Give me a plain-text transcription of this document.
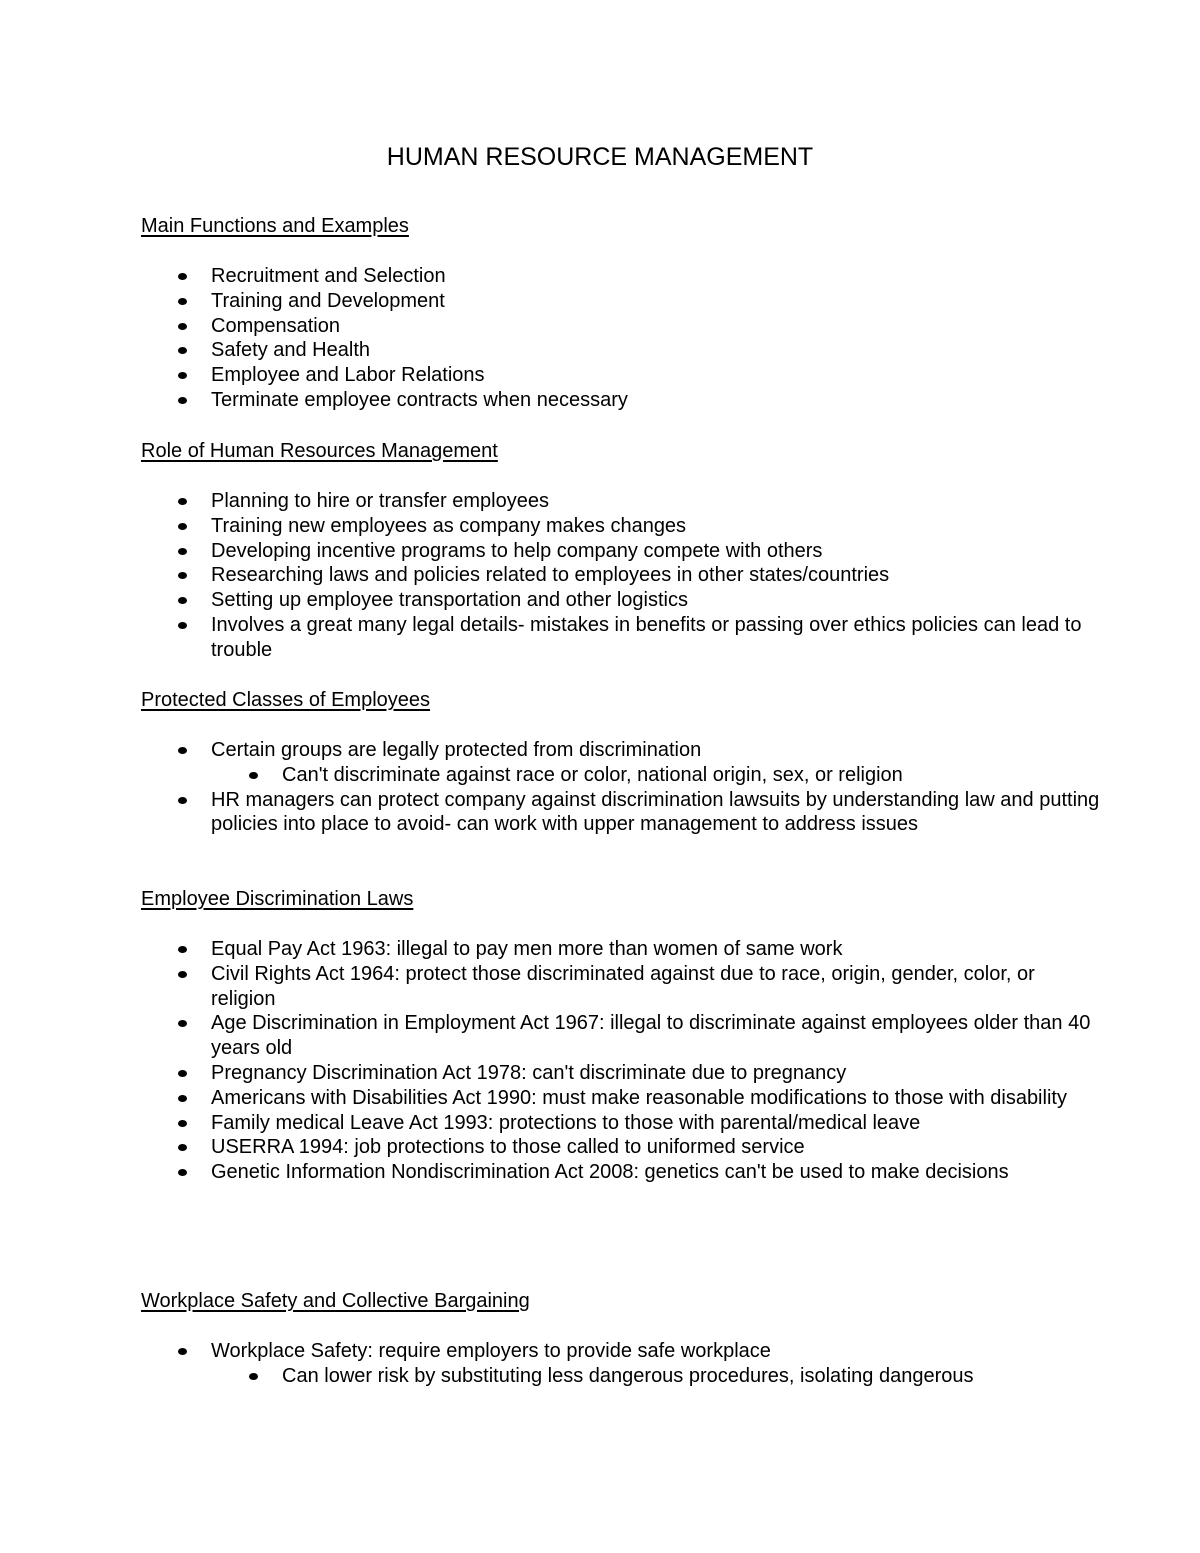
HUMAN RESOURCE MANAGEMENT

Main Functions and Examples

Recruitment and Selection
Training and Development
Compensation
Safety and Health
Employee and Labor Relations
Terminate employee contracts when necessary

Role of Human Resources Management

Planning to hire or transfer employees
Training new employees as company makes changes
Developing incentive programs to help company compete with others
Researching laws and policies related to employees in other states/countries
Setting up employee transportation and other logistics
Involves a great many legal details- mistakes in benefits or passing over ethics policies can lead to trouble

Protected Classes of Employees

Certain groups are legally protected from discrimination
Can't discriminate against race or color, national origin, sex, or religion
HR managers can protect company against discrimination lawsuits by understanding law and putting policies into place to avoid- can work with upper management to address issues

Employee Discrimination Laws

Equal Pay Act 1963: illegal to pay men more than women of same work
Civil Rights Act 1964: protect those discriminated against due to race, origin, gender, color, or religion
Age Discrimination in Employment Act 1967: illegal to discriminate against employees older than 40 years old
Pregnancy Discrimination Act 1978: can't discriminate due to pregnancy
Americans with Disabilities Act 1990: must make reasonable modifications to those with disability
Family medical Leave Act 1993: protections to those with parental/medical leave
USERRA 1994: job protections to those called to uniformed service
Genetic Information Nondiscrimination Act 2008: genetics can't be used to make decisions

Workplace Safety and Collective Bargaining

Workplace Safety: require employers to provide safe workplace
Can lower risk by substituting less dangerous procedures, isolating dangerous
